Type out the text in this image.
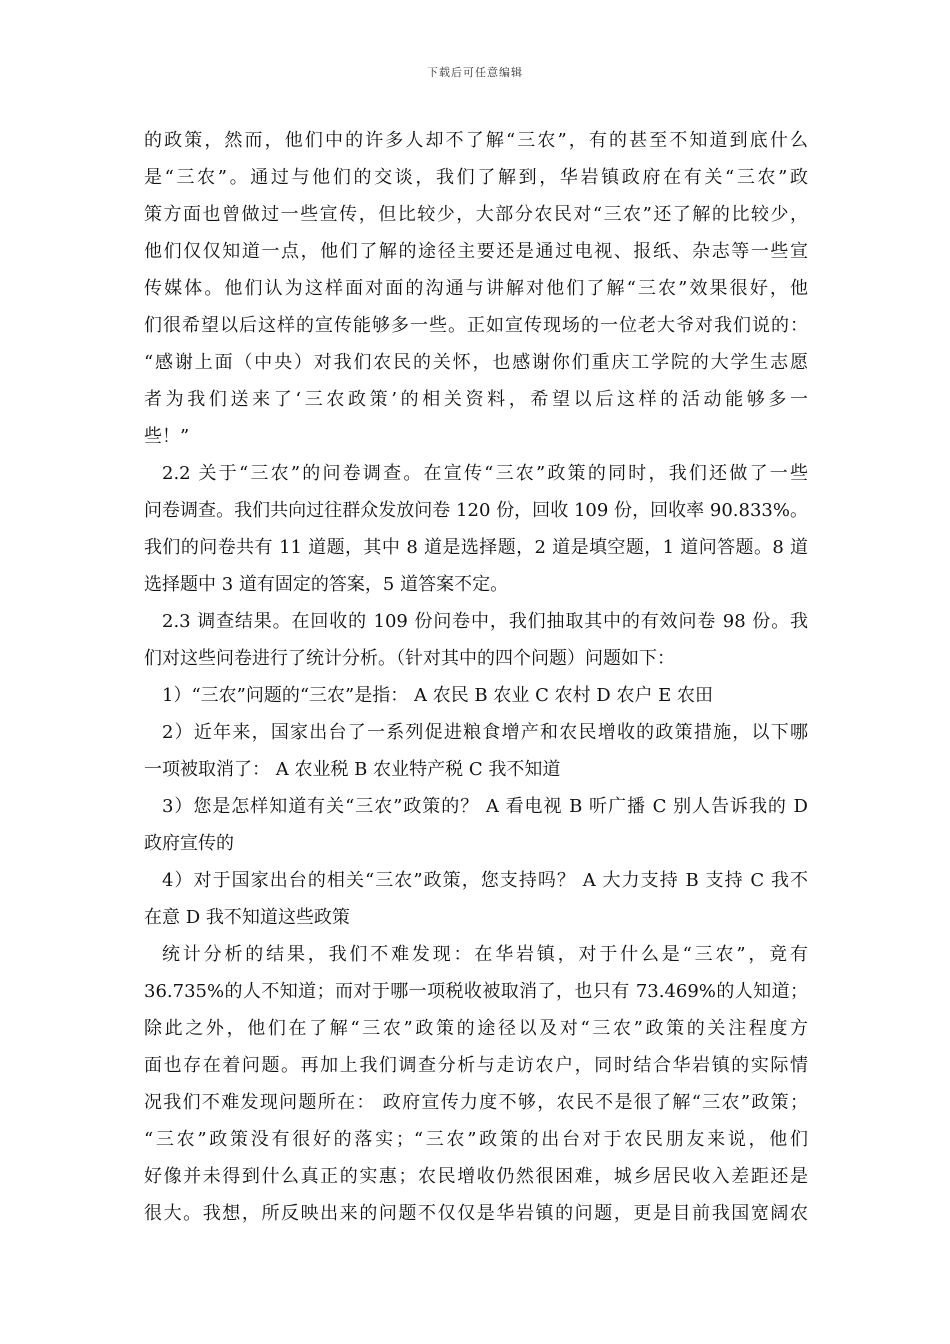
下载后可任意编辑
的政策，然而，他们中的许多人却不了解“三农”，有的甚至不知道到底什么
是“三农”。通过与他们的交谈，我们了解到，华岩镇政府在有关“三农”政
策方面也曾做过一些宣传，但比较少，大部分农民对“三农”还了解的比较少，
他们仅仅知道一点，他们了解的途径主要还是通过电视、报纸、杂志等一些宣
传媒体。他们认为这样面对面的沟通与讲解对他们了解“三农”效果很好，他
们很希望以后这样的宣传能够多一些。正如宣传现场的一位老大爷对我们说的：
“感谢上面（中央）对我们农民的关怀，也感谢你们重庆工学院的大学生志愿
者为我们送来了‘三农政策’的相关资料，希望以后这样的活动能够多一
些！”
2.2 关于“三农”的问卷调查。在宣传“三农”政策的同时，我们还做了一些
问卷调查。我们共向过往群众发放问卷 120 份，回收 109 份，回收率 90.833%。
我们的问卷共有 11 道题，其中 8 道是选择题，2 道是填空题，1 道问答题。8 道
选择题中 3 道有固定的答案，5 道答案不定。
2.3 调查结果。在回收的 109 份问卷中，我们抽取其中的有效问卷 98 份。我
们对这些问卷进行了统计分析。（针对其中的四个问题）问题如下：
1）“三农”问题的“三农”是指： A 农民 B 农业 C 农村 D 农户 E 农田
2）近年来，国家出台了一系列促进粮食增产和农民增收的政策措施，以下哪
一项被取消了： A 农业税 B 农业特产税 C 我不知道
3）您是怎样知道有关“三农”政策的？ A 看电视 B 听广播 C 别人告诉我的 D
政府宣传的
4）对于国家出台的相关“三农”政策，您支持吗？ A 大力支持 B 支持 C 我不
在意 D 我不知道这些政策
统计分析的结果，我们不难发现：在华岩镇，对于什么是“三农”，竟有
36.735%的人不知道；而对于哪一项税收被取消了，也只有 73.469%的人知道；
除此之外，他们在了解“三农”政策的途径以及对“三农”政策的关注程度方
面也存在着问题。再加上我们调查分析与走访农户，同时结合华岩镇的实际情
况我们不难发现问题所在： 政府宣传力度不够，农民不是很了解“三农”政策；
“三农”政策没有很好的落实；“三农”政策的出台对于农民朋友来说，他们
好像并未得到什么真正的实惠；农民增收仍然很困难，城乡居民收入差距还是
很大。我想，所反映出来的问题不仅仅是华岩镇的问题，更是目前我国宽阔农
